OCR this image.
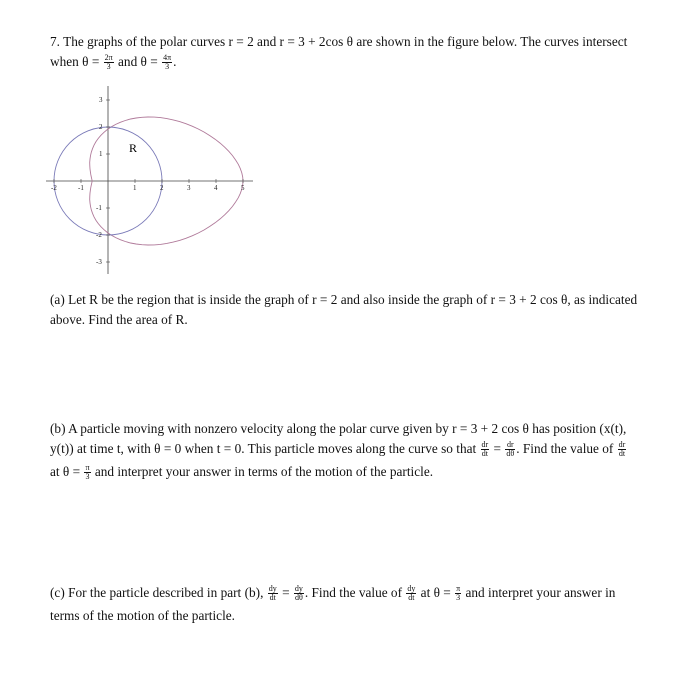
7. The graphs of the polar curves r = 2 and r = 3 + 2cos θ are shown in the figure below. The curves intersect
when $\theta = \frac{2\pi}{3}$ and $\theta = \frac{4\pi}{3}$ .
-2	-1	1	2	3	4	5
3
2
1
-1
-2
-3
R
(a) Let R be the region that is inside the graph of r = 2 and also inside the graph of r = 3 + 2 cos θ, as indicated
above. Find the area of R.
(b) A particle moving with nonzero velocity along the polar curve given by r = 3 + 2 cos θ has position (x(t),
y(t)) at time t, with θ = 0 when t = 0. This particle moves along the curve so that $\frac{dr}{dt} = \frac{dr}{d\theta}$ . Find the value of $\frac{dr}{dt}$
at $\theta = \frac{\pi}{3}$ and interpret your answer in terms of the motion of the particle.
(c) For the particle described in part (b), $\frac{dy}{dt} = \frac{dy}{d\theta}$ . Find the value of $\frac{dy}{dt}$ at $\theta = \frac{\pi}{3}$ and interpret your answer in
terms of the motion of the particle.
